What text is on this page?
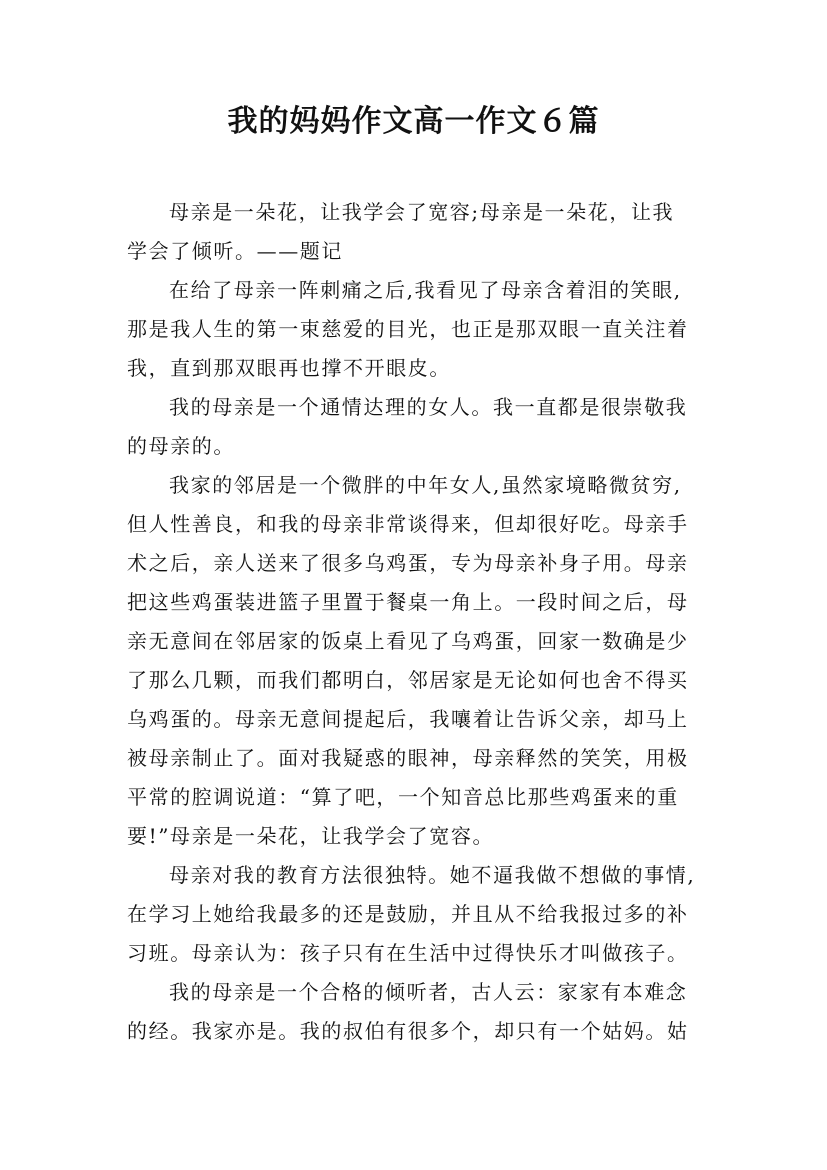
我的妈妈作文高一作文６篇
母亲是一朵花，让我学会了宽容;母亲是一朵花，让我
学会了倾听。——题记
在给了母亲一阵刺痛之后,我看见了母亲含着泪的笑眼,
那是我人生的第一束慈爱的目光，也正是那双眼一直关注着
我，直到那双眼再也撑不开眼皮。
我的母亲是一个通情达理的女人。我一直都是很崇敬我
的母亲的。
我家的邻居是一个微胖的中年女人,虽然家境略微贫穷,
但人性善良，和我的母亲非常谈得来，但却很好吃。母亲手
术之后，亲人送来了很多乌鸡蛋，专为母亲补身子用。母亲
把这些鸡蛋装进篮子里置于餐桌一角上。一段时间之后，母
亲无意间在邻居家的饭桌上看见了乌鸡蛋，回家一数确是少
了那么几颗，而我们都明白，邻居家是无论如何也舍不得买
乌鸡蛋的。母亲无意间提起后，我嚷着让告诉父亲，却马上
被母亲制止了。面对我疑惑的眼神，母亲释然的笑笑，用极
平常的腔调说道：“算了吧，一个知音总比那些鸡蛋来的重
要!”母亲是一朵花，让我学会了宽容。
母亲对我的教育方法很独特。她不逼我做不想做的事情,
在学习上她给我最多的还是鼓励，并且从不给我报过多的补
习班。母亲认为：孩子只有在生活中过得快乐才叫做孩子。
我的母亲是一个合格的倾听者，古人云：家家有本难念
的经。我家亦是。我的叔伯有很多个，却只有一个姑妈。姑
